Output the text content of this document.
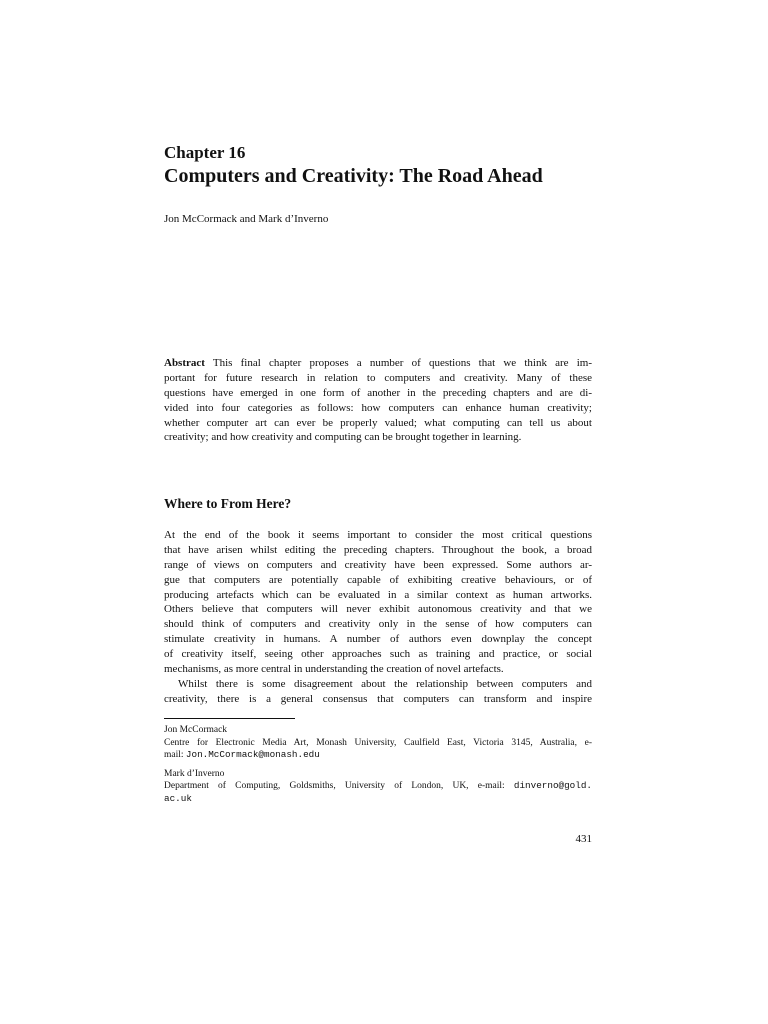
Chapter 16
Computers and Creativity: The Road Ahead
Jon McCormack and Mark d’Inverno
Abstract This final chapter proposes a number of questions that we think are im-
portant for future research in relation to computers and creativity. Many of these
questions have emerged in one form of another in the preceding chapters and are di-
vided into four categories as follows: how computers can enhance human creativity;
whether computer art can ever be properly valued; what computing can tell us about
creativity; and how creativity and computing can be brought together in learning.
Where to From Here?
At the end of the book it seems important to consider the most critical questions
that have arisen whilst editing the preceding chapters. Throughout the book, a broad
range of views on computers and creativity have been expressed. Some authors ar-
gue that computers are potentially capable of exhibiting creative behaviours, or of
producing artefacts which can be evaluated in a similar context as human artworks.
Others believe that computers will never exhibit autonomous creativity and that we
should think of computers and creativity only in the sense of how computers can
stimulate creativity in humans. A number of authors even downplay the concept
of creativity itself, seeing other approaches such as training and practice, or social
mechanisms, as more central in understanding the creation of novel artefacts.
Whilst there is some disagreement about the relationship between computers and
creativity, there is a general consensus that computers can transform and inspire
Jon McCormack
Centre for Electronic Media Art, Monash University, Caulfield East, Victoria 3145, Australia, e-
mail: Jon.McCormack@monash.edu
Mark d’Inverno
Department of Computing, Goldsmiths, University of London, UK, e-mail: dinverno@gold.
ac.uk
431
